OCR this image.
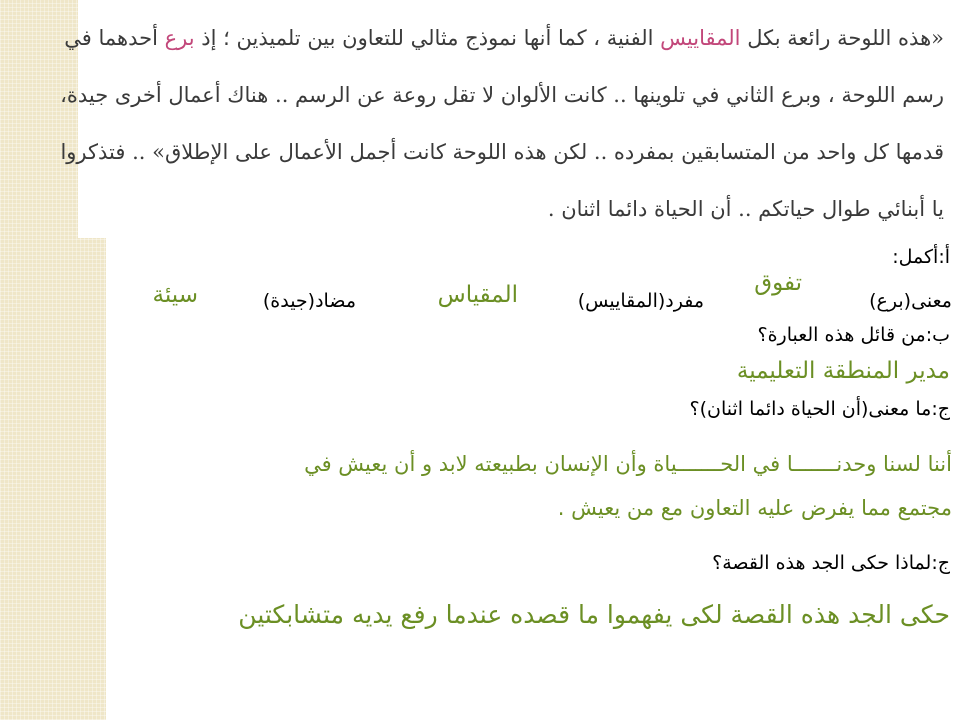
«هذه اللوحة رائعة بكل المقاييس الفنية ، كما أنها نموذج مثالي للتعاون بين تلميذين ؛ إذ برع أحدهما في
رسم اللوحة ، وبرع الثاني في تلوينها .. كانت الألوان لا تقل روعة عن الرسم .. هناك أعمال أخرى جيدة،
قدمها كل واحد من المتسابقين بمفرده .. لكن هذه اللوحة كانت أجمل الأعمال على الإطلاق» .. فتذكروا
يا أبنائي طوال حياتكم .. أن الحياة دائما اثنان .

أ:أكمل:

معنى(برع)

تفوق

مفرد(المقاييس)

المقياس

مضاد(جيدة)

سيئة

ب:من قائل هذه العبارة؟

مدير المنطقة التعليمية

ج:ما معنى(أن الحياة دائما اثنان)؟

أننا لسنا وحدنـــــــا في الحـــــــياة وأن الإنسان بطبيعته لابد و أن يعيش في

مجتمع مما يفرض عليه التعاون مع من يعيش .

ج:لماذا حكى الجد هذه القصة؟

حكى الجد هذه القصة لكى يفهموا ما قصده عندما رفع يديه متشابكتين
